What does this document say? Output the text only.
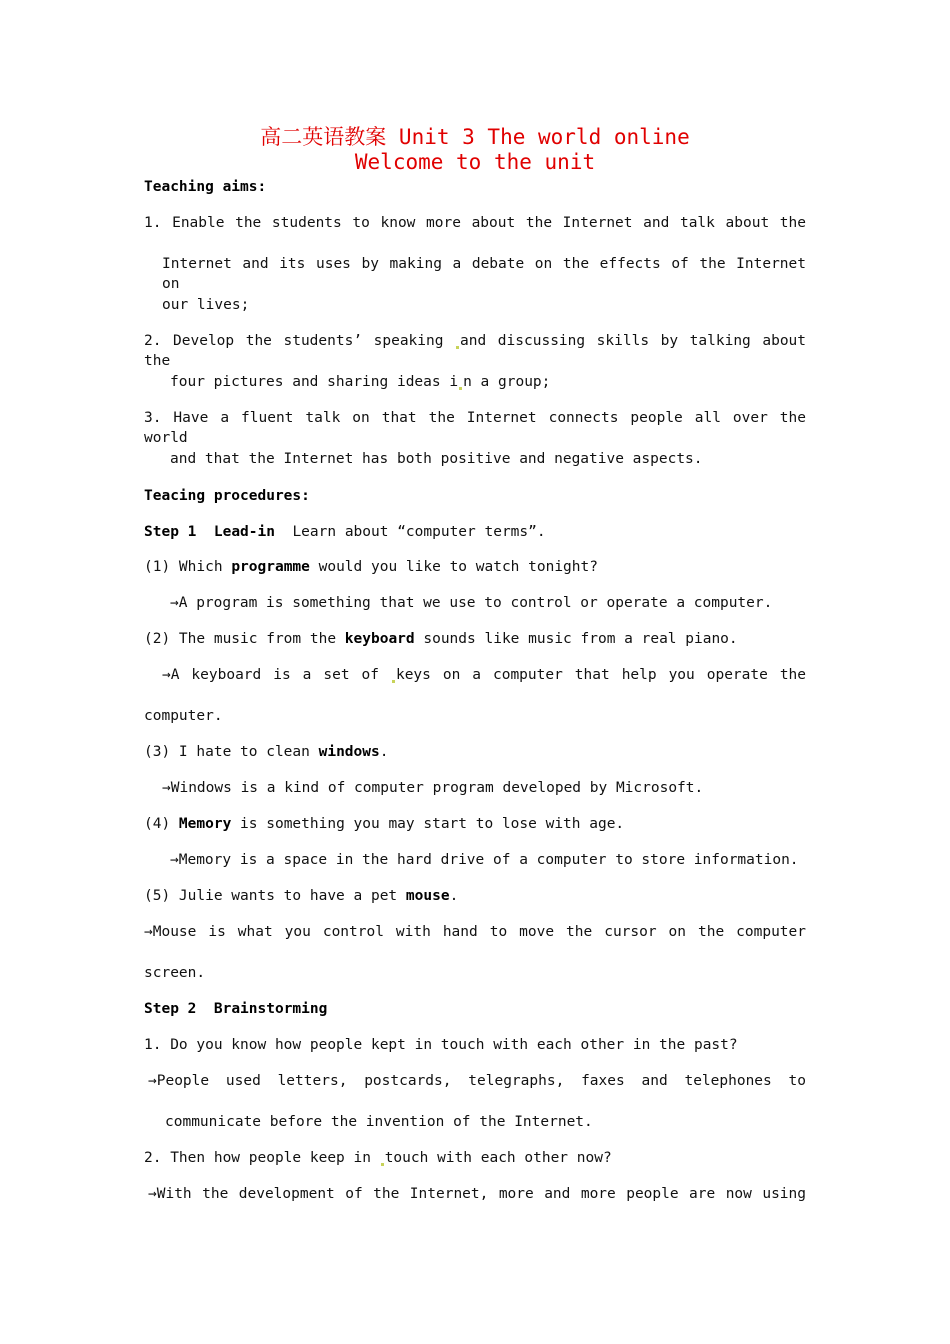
高二英语教案 Unit 3 The world online
Welcome to the unit
Teaching aims:
1. Enable the students to know more about the Internet and talk about the
Internet and its uses by making a debate on the effects of the Internet on
our lives;
2. Develop the students’ speaking and discussing skills by talking about the
four pictures and sharing ideas i n a group;
3. Have a fluent talk on that the Internet connects people all over the world
and that the Internet has both positive and negative aspects.
Teacing procedures:
Step 1 Lead-in Learn about “computer terms”.
(1) Which programme would you like to watch tonight?
→A program is something that we use to control or operate a computer.
(2) The music from the keyboard sounds like music from a real piano.
→A keyboard is a set of keys on a computer that help you operate the
computer.
(3) I hate to clean windows.
→Windows is a kind of computer program developed by Microsoft.
(4) Memory is something you may start to lose with age.
→Memory is a space in the hard drive of a computer to store information.
(5) Julie wants to have a pet mouse.
→Mouse is what you control with hand to move the cursor on the computer
screen.
Step 2 Brainstorming
1. Do you know how people kept in touch with each other in the past?
→People used letters, postcards, telegraphs, faxes and telephones to
communicate before the invention of the Internet.
2. Then how people keep in touch with each other now?
→With the development of the Internet, more and more people are now using
